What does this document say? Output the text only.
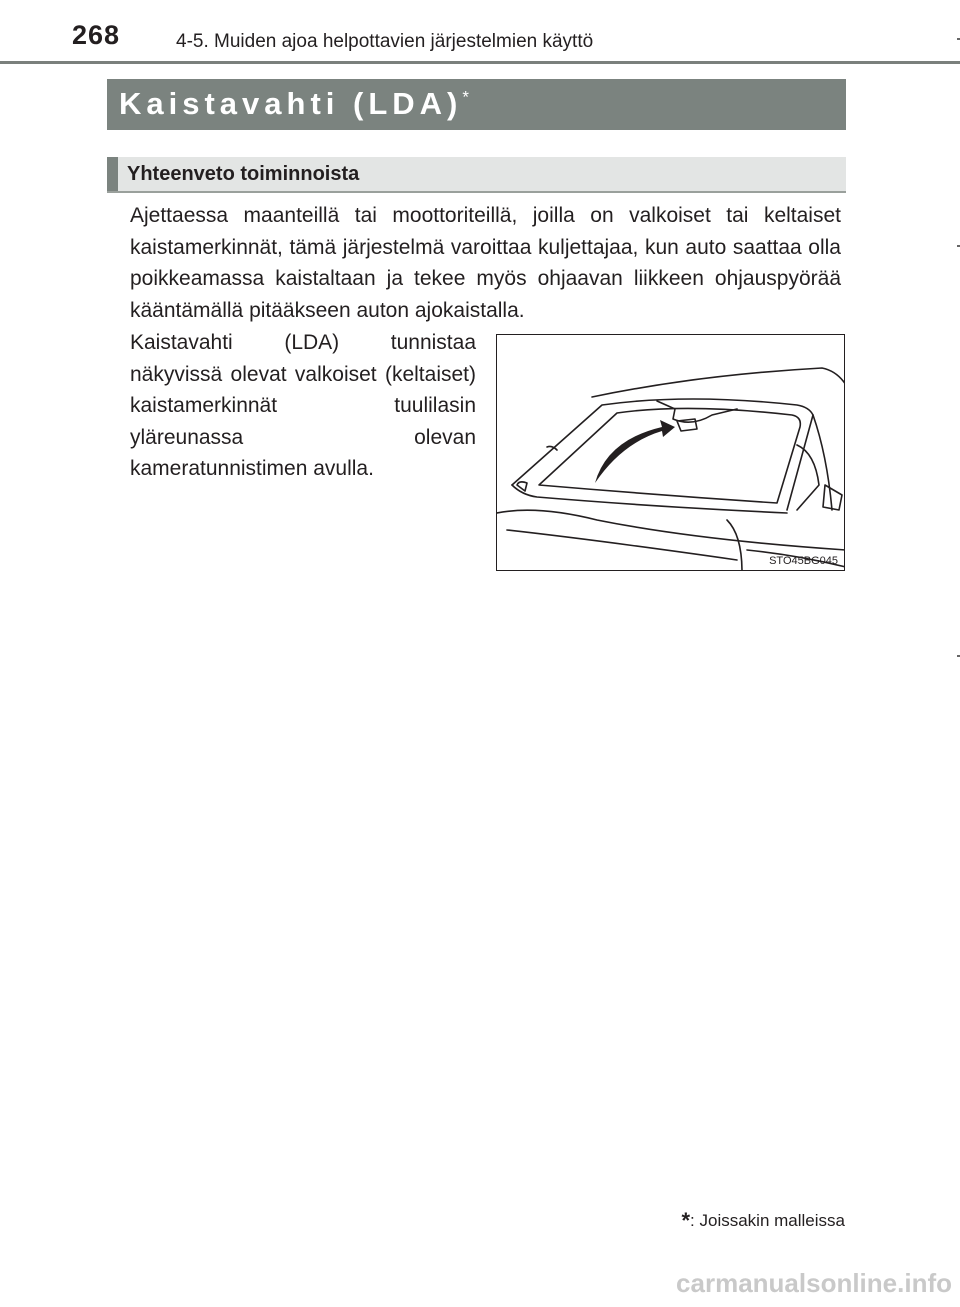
268	4-5. Muiden ajoa helpottavien järjestelmien käyttö
Kaistavahti (LDA)*
Yhteenveto toiminnoista
Ajettaessa maanteillä tai moottoriteillä, joilla on valkoiset tai keltaiset kaistamerkinnät, tämä järjestelmä varoittaa kuljettajaa, kun auto saattaa olla poikkeamassa kaistaltaan ja tekee myös ohjaavan liikkeen ohjauspyörää kääntämällä pitääkseen auton ajokaistalla.
Kaistavahti (LDA) tunnistaa näkyvissä olevat valkoiset (keltaiset) kaistamerkinnät tuulilasin yläreunassa olevan kameratunnistimen avulla.
STO45BG045
*: Joissakin malleissa
carmanualsonline.info
